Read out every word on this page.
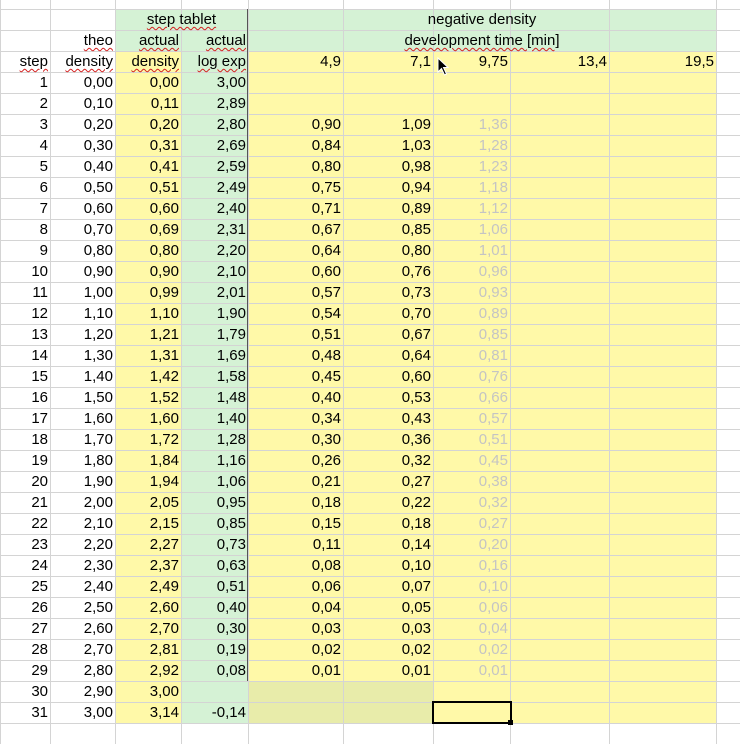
step tablet	negative density
theo	actual	actual	development time [min]
step	density	density	log exp	4,9	7,1	9,75	13,4	19,5
1	0,00	0,00	3,00
2	0,10	0,11	2,89
3	0,20	0,20	2,80	0,90	1,09	1,36
4	0,30	0,31	2,69	0,84	1,03	1,28
5	0,40	0,41	2,59	0,80	0,98	1,23
6	0,50	0,51	2,49	0,75	0,94	1,18
7	0,60	0,60	2,40	0,71	0,89	1,12
8	0,70	0,69	2,31	0,67	0,85	1,06
9	0,80	0,80	2,20	0,64	0,80	1,01
10	0,90	0,90	2,10	0,60	0,76	0,96
11	1,00	0,99	2,01	0,57	0,73	0,93
12	1,10	1,10	1,90	0,54	0,70	0,89
13	1,20	1,21	1,79	0,51	0,67	0,85
14	1,30	1,31	1,69	0,48	0,64	0,81
15	1,40	1,42	1,58	0,45	0,60	0,76
16	1,50	1,52	1,48	0,40	0,53	0,66
17	1,60	1,60	1,40	0,34	0,43	0,57
18	1,70	1,72	1,28	0,30	0,36	0,51
19	1,80	1,84	1,16	0,26	0,32	0,45
20	1,90	1,94	1,06	0,21	0,27	0,38
21	2,00	2,05	0,95	0,18	0,22	0,32
22	2,10	2,15	0,85	0,15	0,18	0,27
23	2,20	2,27	0,73	0,11	0,14	0,20
24	2,30	2,37	0,63	0,08	0,10	0,16
25	2,40	2,49	0,51	0,06	0,07	0,10
26	2,50	2,60	0,40	0,04	0,05	0,06
27	2,60	2,70	0,30	0,03	0,03	0,04
28	2,70	2,81	0,19	0,02	0,02	0,02
29	2,80	2,92	0,08	0,01	0,01	0,01
30	2,90	3,00
31	3,00	3,14	-0,14
